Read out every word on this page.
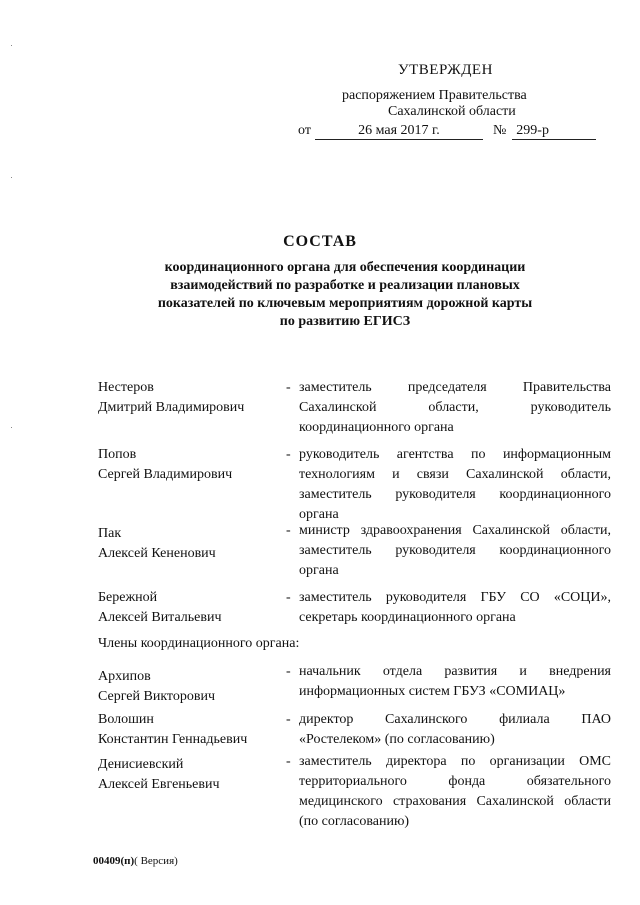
УТВЕРЖДЕН
распоряжением Правительства
Сахалинской области
от	26 мая 2017 г.	№ 299-р
СОСТАВ
координационного органа для обеспечения координации взаимодействий по разработке и реализации плановых показателей по ключевым мероприятиям дорожной карты по развитию ЕГИСЗ
Нестеров
Дмитрий Владимирович
- заместитель председателя Правительства Сахалинской области, руководитель координационного органа
Попов
Сергей Владимирович
- руководитель агентства по информационным технологиям и связи Сахалинской области, заместитель руководителя координационного органа
Пак
Алексей Кененович
- министр здравоохранения Сахалинской области, заместитель руководителя координационного органа
Бережной
Алексей Витальевич
- заместитель руководителя ГБУ СО «СОЦИ», секретарь координационного органа
Члены координационного органа:
Архипов
Сергей Викторович
- начальник отдела развития и внедрения информационных систем ГБУЗ «СОМИАЦ»
Волошин
Константин Геннадьевич
- директор Сахалинского филиала ПАО «Ростелеком» (по согласованию)
Денисиевский
Алексей Евгеньевич
- заместитель директора по организации ОМС территориального фонда обязательного медицинского страхования Сахалинской области (по согласованию)
00409(п)( Версия)
